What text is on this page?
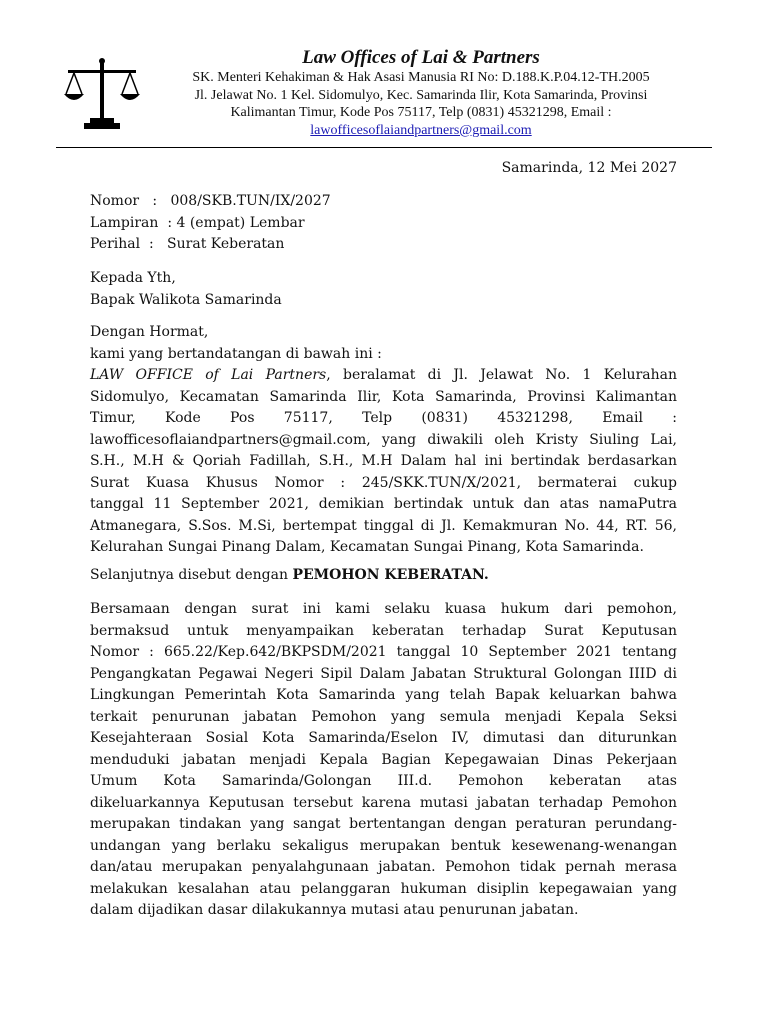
Law Offices of Lai & Partners
SK. Menteri Kehakiman & Hak Asasi Manusia RI No: D.188.K.P.04.12-TH.2005
Jl. Jelawat No. 1 Kel. Sidomulyo, Kec. Samarinda Ilir, Kota Samarinda, Provinsi
Kalimantan Timur, Kode Pos 75117, Telp (0831) 45321298, Email :
lawofficesoflaiandpartners@gmail.com
Samarinda, 12 Mei 2027
Nomor   :   008/SKB.TUN/IX/2027
Lampiran  : 4 (empat) Lembar
Perihal  :   Surat Keberatan
Kepada Yth,
Bapak Walikota Samarinda
Dengan Hormat,
kami yang bertandatangan di bawah ini :
LAW OFFICE of Lai Partners, beralamat di Jl. Jelawat No. 1 Kelurahan
Sidomulyo, Kecamatan Samarinda Ilir, Kota Samarinda, Provinsi Kalimantan
Timur, Kode Pos 75117, Telp (0831) 45321298, Email :
lawofficesoflaiandpartners@gmail.com, yang diwakili oleh Kristy Siuling Lai,
S.H., M.H & Qoriah Fadillah, S.H., M.H Dalam hal ini bertindak berdasarkan
Surat Kuasa Khusus Nomor : 245/SKK.TUN/X/2021, bermaterai cukup
tanggal 11 September 2021, demikian bertindak untuk dan atas namaPutra
Atmanegara, S.Sos. M.Si, bertempat tinggal di Jl. Kemakmuran No. 44, RT. 56,
Kelurahan Sungai Pinang Dalam, Kecamatan Sungai Pinang, Kota Samarinda.
Selanjutnya disebut dengan PEMOHON KEBERATAN.
Bersamaan dengan surat ini kami selaku kuasa hukum dari pemohon,
bermaksud untuk menyampaikan keberatan terhadap Surat Keputusan
Nomor : 665.22/Kep.642/BKPSDM/2021 tanggal 10 September 2021 tentang
Pengangkatan Pegawai Negeri Sipil Dalam Jabatan Struktural Golongan IIID di
Lingkungan Pemerintah Kota Samarinda yang telah Bapak keluarkan bahwa
terkait penurunan jabatan Pemohon yang semula menjadi Kepala Seksi
Kesejahteraan Sosial Kota Samarinda/Eselon IV, dimutasi dan diturunkan
menduduki jabatan menjadi Kepala Bagian Kepegawaian Dinas Pekerjaan
Umum Kota Samarinda/Golongan III.d. Pemohon keberatan atas
dikeluarkannya Keputusan tersebut karena mutasi jabatan terhadap Pemohon
merupakan tindakan yang sangat bertentangan dengan peraturan perundang-
undangan yang berlaku sekaligus merupakan bentuk kesewenang-wenangan
dan/atau merupakan penyalahgunaan jabatan. Pemohon tidak pernah merasa
melakukan kesalahan atau pelanggaran hukuman disiplin kepegawaian yang
dalam dijadikan dasar dilakukannya mutasi atau penurunan jabatan.
